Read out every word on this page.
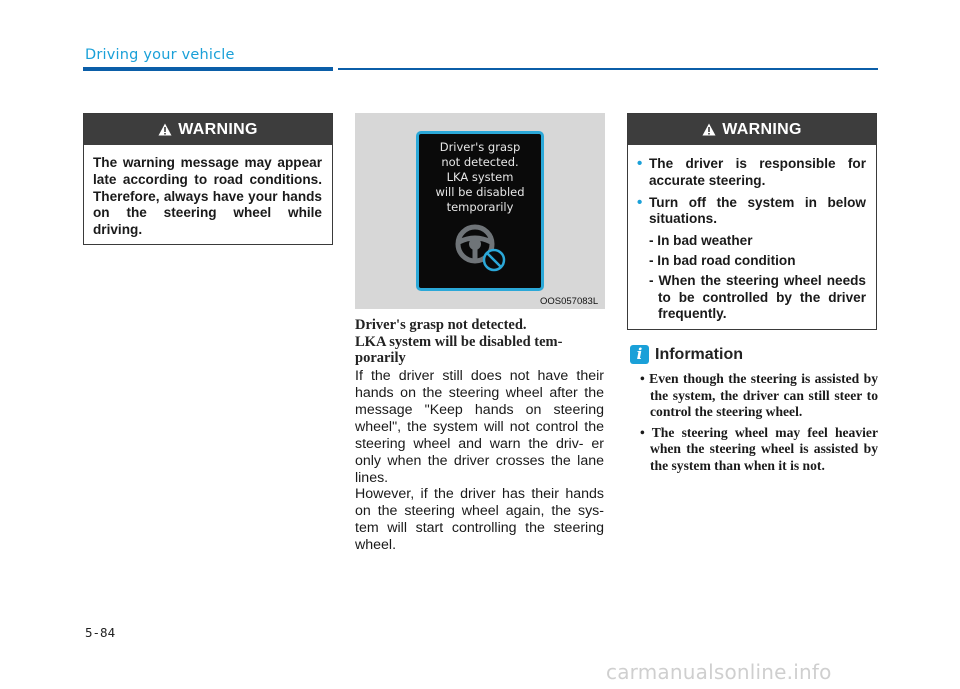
Driving your vehicle
WARNING
The warning message may appear late according to road conditions. Therefore, always have your hands on the steering wheel while driving.
Driver's grasp
not detected.
LKA system
will be disabled
temporarily
OOS057083L
Driver's grasp not detected.
LKA system will be disabled tem-
porarily
If the driver still does not have their hands on the steering wheel after the message "Keep hands on steering wheel", the system will not control the steering wheel and warn the driv- er only when the driver crosses the lane lines.
However, if the driver has their hands on the steering wheel again, the sys- tem will start controlling the steering wheel.
WARNING
• The driver is responsible for accurate steering.
• Turn off the system in below situations.
- In bad weather
- In bad road condition
- When the steering wheel needs to be controlled by the driver frequently.
i Information
• Even though the steering is assisted by the system, the driver can still steer to control the steering wheel.
• The steering wheel may feel heavier when the steering wheel is assisted by the system than when it is not.
5-84
carmanualsonline.info
